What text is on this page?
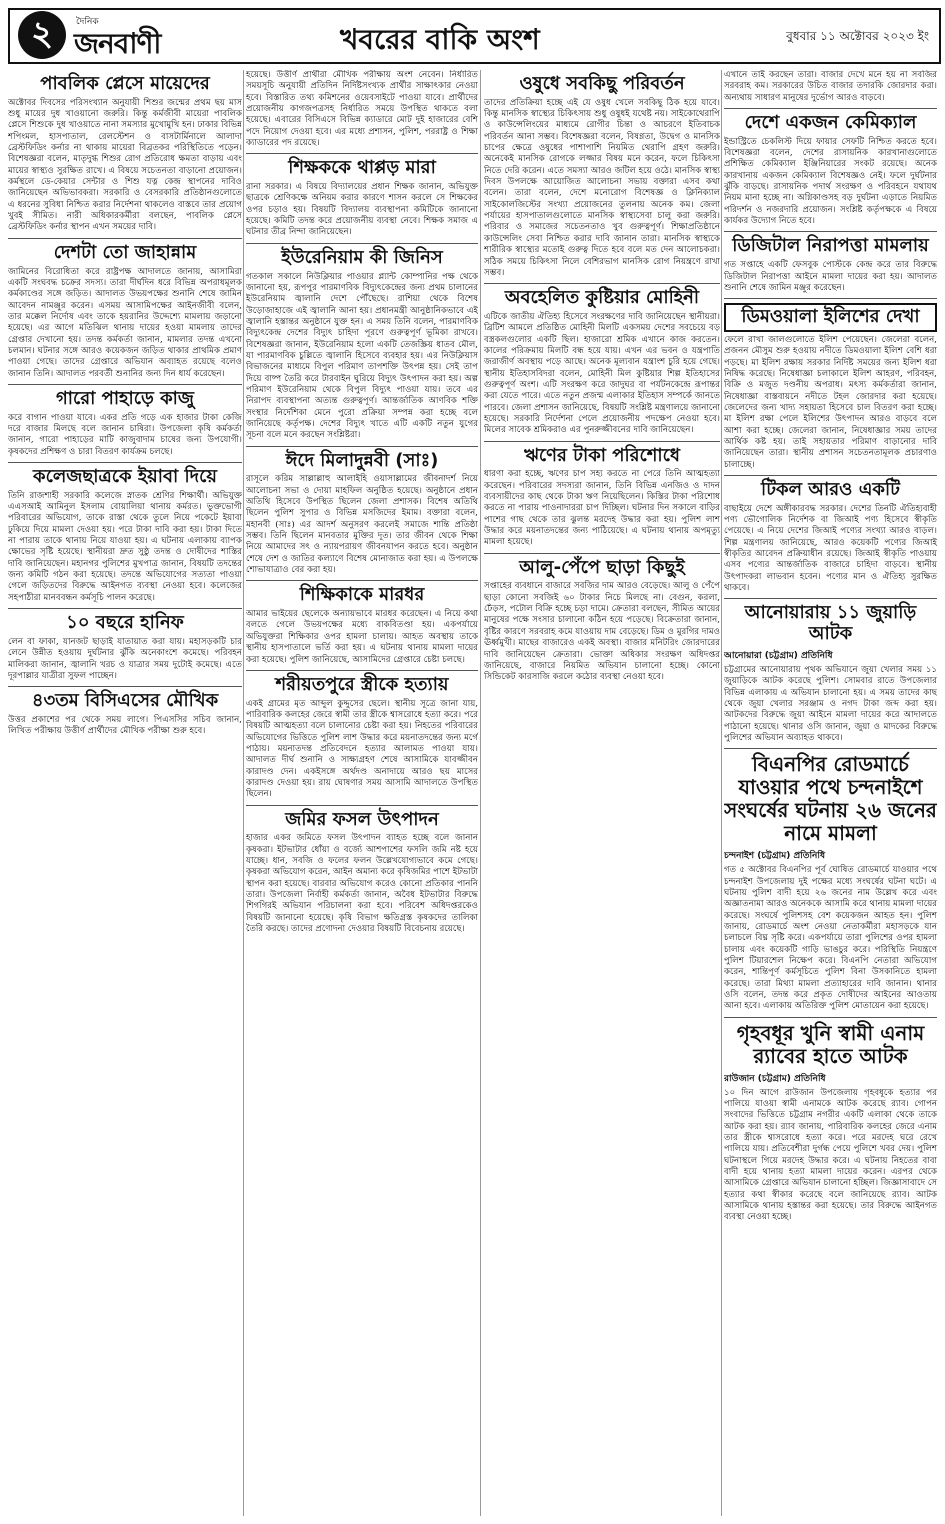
২	দৈনিক
জনবাণী	খবরের বাকি অংশ	বুধবার ১১ অক্টোবর ২০২৩ ইং
পাবলিক প্লেসে মায়েদের

অক্টোবর দিবসের পরিসংখ্যান অনুযায়ী শিশুর জন্মের প্রথম ছয় মাস শুধু মায়ের দুধ খাওয়ানো জরুরি। কিন্তু কর্মজীবী মায়েরা পাবলিক প্লেসে শিশুকে দুধ খাওয়াতে নানা সমস্যার মুখোমুখি হন। ঢাকার বিভিন্ন শপিংমল, হাসপাতাল, রেলস্টেশন ও বাসটার্মিনালে আলাদা ব্রেস্টফিডিং কর্নার না থাকায় মায়েরা বিব্রতকর পরিস্থিতিতে পড়েন। বিশেষজ্ঞরা বলেন, মাতৃদুগ্ধ শিশুর রোগ প্রতিরোধ ক্ষমতা বাড়ায় এবং মায়ের স্বাস্থ্যও সুরক্ষিত রাখে। এ বিষয়ে সচেতনতা বাড়ানো প্রয়োজন। কর্মস্থলে ডে-কেয়ার সেন্টার ও শিশু যত্ন কেন্দ্র স্থাপনের দাবিও জানিয়েছেন অভিভাবকরা। সরকারি ও বেসরকারি প্রতিষ্ঠানগুলোতে এ ধরনের সুবিধা নিশ্চিত করার নির্দেশনা থাকলেও বাস্তবে তার প্রয়োগ খুবই সীমিত। নারী অধিকারকর্মীরা বলছেন, পাবলিক প্লেসে ব্রেস্টফিডিং কর্নার স্থাপন এখন সময়ের দাবি।

দেশটা তো জাহান্নাম

জামিনের বিরোধিতা করে রাষ্ট্রপক্ষ আদালতে জানায়, আসামিরা একটি সংঘবদ্ধ চক্রের সদস্য। তারা দীর্ঘদিন ধরে বিভিন্ন অপরাধমূলক কর্মকাণ্ডের সঙ্গে জড়িত। আদালত উভয়পক্ষের শুনানি শেষে জামিন আবেদন নামঞ্জুর করেন। এসময় আসামিপক্ষের আইনজীবী বলেন, তার মক্কেল নির্দোষ এবং তাকে হয়রানির উদ্দেশ্যে মামলায় জড়ানো হয়েছে। এর আগে মতিঝিল থানায় দায়ের হওয়া মামলায় তাদের গ্রেপ্তার দেখানো হয়। তদন্ত কর্মকর্তা জানান, মামলার তদন্ত এখনো চলমান। ঘটনার সঙ্গে আরও কয়েকজন জড়িত থাকার প্রাথমিক প্রমাণ পাওয়া গেছে। তাদের গ্রেপ্তারে অভিযান অব্যাহত রয়েছে বলেও জানান তিনি। আদালত পরবর্তী শুনানির জন্য দিন ধার্য করেছেন।

গারো পাহাড়ে কাজু

করে বাগান পাওয়া যাবে। একর প্রতি গড়ে এক হাজার টাকা কেজি দরে বাজার মিলছে বলে জানান চাষিরা। উপজেলা কৃষি কর্মকর্তা জানান, গারো পাহাড়ের মাটি কাজুবাদাম চাষের জন্য উপযোগী। কৃষকদের প্রশিক্ষণ ও চারা বিতরণ কার্যক্রম চলছে।

কলেজছাত্রকে ইয়াবা দিয়ে

তিনি রাজশাহী সরকারি কলেজে স্নাতক শ্রেণির শিক্ষার্থী। অভিযুক্ত এএসআই আমিনুল ইসলাম বোয়ালিয়া থানায় কর্মরত। ভুক্তভোগী পরিবারের অভিযোগ, তাকে রাস্তা থেকে তুলে নিয়ে পকেটে ইয়াবা ঢুকিয়ে দিয়ে মামলা দেওয়া হয়। পরে টাকা দাবি করা হয়। টাকা দিতে না পারায় তাকে থানায় নিয়ে যাওয়া হয়। এ ঘটনায় এলাকায় ব্যাপক ক্ষোভের সৃষ্টি হয়েছে। স্থানীয়রা দ্রুত সুষ্ঠু তদন্ত ও দোষীদের শাস্তির দাবি জানিয়েছেন। মহানগর পুলিশের মুখপাত্র জানান, বিষয়টি তদন্তের জন্য কমিটি গঠন করা হয়েছে। তদন্তে অভিযোগের সত্যতা পাওয়া গেলে জড়িতদের বিরুদ্ধে আইনগত ব্যবস্থা নেওয়া হবে। কলেজের সহপাঠীরা মানববন্ধন কর্মসূচি পালন করেছে।

১০ বছরে হানিফ

লেন বা ফাকা, যানজট ছাড়াই যাতায়াত করা যায়। মহাসড়কটি চার লেনে উন্নীত হওয়ায় দুর্ঘটনার ঝুঁকি অনেকাংশে কমেছে। পরিবহন মালিকরা জানান, জ্বালানি খরচ ও যাত্রার সময় দুটোই কমেছে। এতে দূরপাল্লার যাত্রীরা সুফল পাচ্ছেন।

৪৩তম বিসিএসের মৌখিক

উত্তর প্রকাশের পর থেকে সময় লাগে। পিএসসির সচিব জানান, লিখিত পরীক্ষায় উত্তীর্ণ প্রার্থীদের মৌখিক পরীক্ষা শুরু হবে।

হয়েছে। উত্তীর্ণ প্রার্থীরা মৌখিক পরীক্ষায় অংশ নেবেন। নির্ধারিত সময়সূচি অনুযায়ী প্রতিদিন নির্দিষ্টসংখ্যক প্রার্থীর সাক্ষাৎকার নেওয়া হবে। বিস্তারিত তথ্য কমিশনের ওয়েবসাইটে পাওয়া যাবে। প্রার্থীদের প্রয়োজনীয় কাগজপত্রসহ নির্ধারিত সময়ে উপস্থিত থাকতে বলা হয়েছে। এবারের বিসিএসে বিভিন্ন ক্যাডারে মোট দুই হাজারের বেশি পদে নিয়োগ দেওয়া হবে। এর মধ্যে প্রশাসন, পুলিশ, পররাষ্ট্র ও শিক্ষা ক্যাডারের পদ রয়েছে।

শিক্ষককে থাপ্পড় মারা

রানা সরকার। এ বিষয়ে বিদ্যালয়ের প্রধান শিক্ষক জানান, অভিযুক্ত ছাত্রকে শ্রেণিকক্ষে অনিয়ম করার কারণে শাসন করলে সে শিক্ষকের ওপর চড়াও হয়। বিষয়টি বিদ্যালয় ব্যবস্থাপনা কমিটিকে জানানো হয়েছে। কমিটি তদন্ত করে প্রয়োজনীয় ব্যবস্থা নেবে। শিক্ষক সমাজ এ ঘটনার তীব্র নিন্দা জানিয়েছেন।

ইউরেনিয়াম কী জিনিস

গতকাল সকালে নিউক্লিয়ার পাওয়ার প্ল্যান্ট কোম্পানির পক্ষ থেকে জানানো হয়, রূপপুর পারমাণবিক বিদ্যুৎকেন্দ্রের জন্য প্রথম চালানের ইউরেনিয়াম জ্বালানি দেশে পৌঁছেছে। রাশিয়া থেকে বিশেষ উড়োজাহাজে এই জ্বালানি আনা হয়। প্রধানমন্ত্রী আনুষ্ঠানিকভাবে এই জ্বালানি হস্তান্তর অনুষ্ঠানে যুক্ত হন। এ সময় তিনি বলেন, পারমাণবিক বিদ্যুৎকেন্দ্র দেশের বিদ্যুৎ চাহিদা পূরণে গুরুত্বপূর্ণ ভূমিকা রাখবে। বিশেষজ্ঞরা জানান, ইউরেনিয়াম হলো একটি তেজস্ক্রিয় ধাতব মৌল, যা পারমাণবিক চুল্লিতে জ্বালানি হিসেবে ব্যবহার হয়। এর নিউক্লিয়াস বিভাজনের মাধ্যমে বিপুল পরিমাণ তাপশক্তি উৎপন্ন হয়। সেই তাপ দিয়ে বাষ্প তৈরি করে টারবাইন ঘুরিয়ে বিদ্যুৎ উৎপাদন করা হয়। অল্প পরিমাণ ইউরেনিয়াম থেকে বিপুল বিদ্যুৎ পাওয়া যায়। তবে এর নিরাপদ ব্যবস্থাপনা অত্যন্ত গুরুত্বপূর্ণ। আন্তর্জাতিক আণবিক শক্তি সংস্থার নির্দেশিকা মেনে পুরো প্রক্রিয়া সম্পন্ন করা হচ্ছে বলে জানিয়েছে কর্তৃপক্ষ। দেশের বিদ্যুৎ খাতে এটি একটি নতুন যুগের সূচনা বলে মনে করছেন সংশ্লিষ্টরা।

ঈদে মিলাদুন্নবী (সাঃ)

রাসূলে করিম সাল্লাল্লাহু আলাইহি ওয়াসাল্লামের জীবনাদর্শ নিয়ে আলোচনা সভা ও দোয়া মাহফিল অনুষ্ঠিত হয়েছে। অনুষ্ঠানে প্রধান অতিথি হিসেবে উপস্থিত ছিলেন জেলা প্রশাসক। বিশেষ অতিথি ছিলেন পুলিশ সুপার ও বিভিন্ন মসজিদের ইমাম। বক্তারা বলেন, মহানবী (সাঃ) এর আদর্শ অনুসরণ করলেই সমাজে শান্তি প্রতিষ্ঠা সম্ভব। তিনি ছিলেন মানবতার মুক্তির দূত। তার জীবন থেকে শিক্ষা নিয়ে আমাদের সৎ ও ন্যায়পরায়ণ জীবনযাপন করতে হবে। অনুষ্ঠান শেষে দেশ ও জাতির কল্যাণে বিশেষ মোনাজাত করা হয়। এ উপলক্ষে শোভাযাত্রাও বের করা হয়।

শিক্ষিকাকে মারধর

আমার ভাইয়ের ছেলেকে অন্যায়ভাবে মারধর করেছেন। এ নিয়ে কথা বলতে গেলে উভয়পক্ষের মধ্যে বাকবিতণ্ডা হয়। একপর্যায়ে অভিযুক্তরা শিক্ষিকার ওপর হামলা চালায়। আহত অবস্থায় তাকে স্থানীয় হাসপাতালে ভর্তি করা হয়। এ ঘটনায় থানায় মামলা দায়ের করা হয়েছে। পুলিশ জানিয়েছে, আসামিদের গ্রেপ্তারে চেষ্টা চলছে।

শরীয়তপুরে স্ত্রীকে হত্যায়

একই গ্রামের মৃত আব্দুল কুদ্দুসের ছেলে। স্থানীয় সূত্রে জানা যায়, পারিবারিক কলহের জেরে স্বামী তার স্ত্রীকে শ্বাসরোধে হত্যা করে। পরে বিষয়টি আত্মহত্যা বলে চালানোর চেষ্টা করা হয়। নিহতের পরিবারের অভিযোগের ভিত্তিতে পুলিশ লাশ উদ্ধার করে ময়নাতদন্তের জন্য মর্গে পাঠায়। ময়নাতদন্ত প্রতিবেদনে হত্যার আলামত পাওয়া যায়। আদালত দীর্ঘ শুনানি ও সাক্ষ্যগ্রহণ শেষে আসামিকে যাবজ্জীবন কারাদণ্ড দেন। একইসঙ্গে অর্থদণ্ড অনাদায়ে আরও ছয় মাসের কারাদণ্ড দেওয়া হয়। রায় ঘোষণার সময় আসামি আদালতে উপস্থিত ছিলেন।

জমির ফসল উৎপাদন

হাজার একর জমিতে ফসল উৎপাদন ব্যাহত হচ্ছে বলে জানান কৃষকরা। ইটভাটার ধোঁয়া ও বর্জ্যে আশপাশের ফসলি জমি নষ্ট হয়ে যাচ্ছে। ধান, সবজি ও ফলের ফলন উল্লেখযোগ্যভাবে কমে গেছে। কৃষকরা অভিযোগ করেন, আইন অমান্য করে কৃষিজমির পাশে ইটভাটা স্থাপন করা হয়েছে। বারবার অভিযোগ করেও কোনো প্রতিকার পাননি তারা। উপজেলা নির্বাহী কর্মকর্তা জানান, অবৈধ ইটভাটার বিরুদ্ধে শিগগিরই অভিযান পরিচালনা করা হবে। পরিবেশ অধিদপ্তরকেও বিষয়টি জানানো হয়েছে। কৃষি বিভাগ ক্ষতিগ্রস্ত কৃষকদের তালিকা তৈরি করছে। তাদের প্রণোদনা দেওয়ার বিষয়টি বিবেচনায় রয়েছে।

ওষুধে সবকিছু পরিবর্তন

তাদের প্রতিক্রিয়া হচ্ছে এই যে ওষুধ খেলে সবকিছু ঠিক হয়ে যাবে। কিন্তু মানসিক স্বাস্থ্যের চিকিৎসায় শুধু ওষুধই যথেষ্ট নয়। সাইকোথেরাপি ও কাউন্সেলিংয়ের মাধ্যমে রোগীর চিন্তা ও আচরণে ইতিবাচক পরিবর্তন আনা সম্ভব। বিশেষজ্ঞরা বলেন, বিষণ্ণতা, উদ্বেগ ও মানসিক চাপের ক্ষেত্রে ওষুধের পাশাপাশি নিয়মিত থেরাপি গ্রহণ জরুরি। অনেকেই মানসিক রোগকে লজ্জার বিষয় মনে করেন, ফলে চিকিৎসা নিতে দেরি করেন। এতে সমস্যা আরও জটিল হয়ে ওঠে। মানসিক স্বাস্থ্য দিবস উপলক্ষে আয়োজিত আলোচনা সভায় বক্তারা এসব কথা বলেন। তারা বলেন, দেশে মনোরোগ বিশেষজ্ঞ ও ক্লিনিক্যাল সাইকোলজিস্টের সংখ্যা প্রয়োজনের তুলনায় অনেক কম। জেলা পর্যায়ের হাসপাতালগুলোতে মানসিক স্বাস্থ্যসেবা চালু করা জরুরি। পরিবার ও সমাজের সচেতনতাও খুব গুরুত্বপূর্ণ। শিক্ষাপ্রতিষ্ঠানে কাউন্সেলিং সেবা নিশ্চিত করার দাবি জানান তারা। মানসিক স্বাস্থ্যকে শারীরিক স্বাস্থ্যের মতোই গুরুত্ব দিতে হবে বলে মত দেন আলোচকরা। সঠিক সময়ে চিকিৎসা নিলে বেশিরভাগ মানসিক রোগ নিয়ন্ত্রণে রাখা সম্ভব।

অবহেলিত কুষ্টিয়ার মোহিনী

এটিকে জাতীয় ঐতিহ্য হিসেবে সংরক্ষণের দাবি জানিয়েছেন স্থানীয়রা। ব্রিটিশ আমলে প্রতিষ্ঠিত মোহিনী মিলটি একসময় দেশের সবচেয়ে বড় বস্ত্রকলগুলোর একটি ছিল। হাজারো শ্রমিক এখানে কাজ করতেন। কালের পরিক্রমায় মিলটি বন্ধ হয়ে যায়। এখন এর ভবন ও যন্ত্রপাতি জরাজীর্ণ অবস্থায় পড়ে আছে। অনেক মূল্যবান যন্ত্রাংশ চুরি হয়ে গেছে। স্থানীয় ইতিহাসবিদরা বলেন, মোহিনী মিল কুষ্টিয়ার শিল্প ইতিহাসের গুরুত্বপূর্ণ অংশ। এটি সংরক্ষণ করে জাদুঘর বা পর্যটনকেন্দ্রে রূপান্তর করা যেতে পারে। এতে নতুন প্রজন্ম এলাকার ইতিহাস সম্পর্কে জানতে পারবে। জেলা প্রশাসন জানিয়েছে, বিষয়টি সংশ্লিষ্ট মন্ত্রণালয়ে জানানো হয়েছে। সরকারি নির্দেশনা পেলে প্রয়োজনীয় পদক্ষেপ নেওয়া হবে। মিলের সাবেক শ্রমিকরাও এর পুনরুজ্জীবনের দাবি জানিয়েছেন।

ঋণের টাকা পরিশোধে

ধারণা করা হচ্ছে, ঋণের চাপ সহ্য করতে না পেরে তিনি আত্মহত্যা করেছেন। পরিবারের সদস্যরা জানান, তিনি বিভিন্ন এনজিও ও দাদন ব্যবসায়ীদের কাছ থেকে টাকা ঋণ নিয়েছিলেন। কিস্তির টাকা পরিশোধ করতে না পারায় পাওনাদাররা চাপ দিচ্ছিল। ঘটনার দিন সকালে বাড়ির পাশের গাছ থেকে তার ঝুলন্ত মরদেহ উদ্ধার করা হয়। পুলিশ লাশ উদ্ধার করে ময়নাতদন্তের জন্য পাঠিয়েছে। এ ঘটনায় থানায় অপমৃত্যু মামলা হয়েছে।

আলু-পেঁপে ছাড়া কিছুই

সপ্তাহের ব্যবধানে বাজারে সবজির দাম আরও বেড়েছে। আলু ও পেঁপে ছাড়া কোনো সবজিই ৬০ টাকার নিচে মিলছে না। বেগুন, করলা, ঢেঁড়স, পটোল বিক্রি হচ্ছে চড়া দামে। ক্রেতারা বলছেন, সীমিত আয়ের মানুষের পক্ষে সংসার চালানো কঠিন হয়ে পড়েছে। বিক্রেতারা জানান, বৃষ্টির কারণে সরবরাহ কমে যাওয়ায় দাম বেড়েছে। ডিম ও মুরগির দামও ঊর্ধ্বমুখী। মাছের বাজারেও একই অবস্থা। বাজার মনিটরিং জোরদারের দাবি জানিয়েছেন ক্রেতারা। ভোক্তা অধিকার সংরক্ষণ অধিদপ্তর জানিয়েছে, বাজারে নিয়মিত অভিযান চালানো হচ্ছে। কোনো সিন্ডিকেট কারসাজি করলে কঠোর ব্যবস্থা নেওয়া হবে।

এখানে তাই করছেন তারা। বাজার দেখে মনে হয় না সবজির সরবরাহ কম। সরকারের উচিত বাজার তদারকি জোরদার করা। অন্যথায় সাধারণ মানুষের দুর্ভোগ আরও বাড়বে।

দেশে একজন কেমিক্যাল

ইন্ডাস্ট্রিতে চেকলিস্ট দিয়ে ফায়ার সেফটি নিশ্চিত করতে হবে। বিশেষজ্ঞরা বলেন, দেশের রাসায়নিক কারখানাগুলোতে প্রশিক্ষিত কেমিক্যাল ইঞ্জিনিয়ারের সংকট রয়েছে। অনেক কারখানায় একজন কেমিক্যাল বিশেষজ্ঞও নেই। ফলে দুর্ঘটনার ঝুঁকি বাড়ছে। রাসায়নিক পদার্থ সংরক্ষণ ও পরিবহনে যথাযথ নিয়ম মানা হচ্ছে না। অগ্নিকাণ্ডসহ বড় দুর্ঘটনা এড়াতে নিয়মিত পরিদর্শন ও নজরদারি প্রয়োজন। সংশ্লিষ্ট কর্তৃপক্ষকে এ বিষয়ে কার্যকর উদ্যোগ নিতে হবে।

ডিজিটাল নিরাপত্তা মামলায়

গত সপ্তাহে একটি ফেসবুক পোস্টকে কেন্দ্র করে তার বিরুদ্ধে ডিজিটাল নিরাপত্তা আইনে মামলা দায়ের করা হয়। আদালত শুনানি শেষে জামিন মঞ্জুর করেছেন।

ডিমওয়ালা ইলিশের দেখা

ফেলে রাখা জালগুলোতে ইলিশ পেয়েছেন। জেলেরা বলেন, প্রজনন মৌসুম শুরু হওয়ায় নদীতে ডিমওয়ালা ইলিশ বেশি ধরা পড়ছে। মা ইলিশ রক্ষায় সরকার নির্দিষ্ট সময়ের জন্য ইলিশ ধরা নিষিদ্ধ করেছে। নিষেধাজ্ঞা চলাকালে ইলিশ আহরণ, পরিবহন, বিক্রি ও মজুত দণ্ডনীয় অপরাধ। মৎস্য কর্মকর্তারা জানান, নিষেধাজ্ঞা বাস্তবায়নে নদীতে টহল জোরদার করা হয়েছে। জেলেদের জন্য খাদ্য সহায়তা হিসেবে চাল বিতরণ করা হচ্ছে। মা ইলিশ রক্ষা পেলে ইলিশের উৎপাদন আরও বাড়বে বলে আশা করা হচ্ছে। জেলেরা জানান, নিষেধাজ্ঞার সময় তাদের আর্থিক কষ্ট হয়। তাই সহায়তার পরিমাণ বাড়ানোর দাবি জানিয়েছেন তারা। স্থানীয় প্রশাসন সচেতনতামূলক প্রচারণাও চালাচ্ছে।

টিকল আরও একটি

বাছাইয়ে দেশে অঙ্গীকারবদ্ধ সরকার। দেশের তিনটি ঐতিহ্যবাহী পণ্য ভৌগোলিক নির্দেশক বা জিআই পণ্য হিসেবে স্বীকৃতি পেয়েছে। এ নিয়ে দেশের জিআই পণ্যের সংখ্যা আরও বাড়ল। শিল্প মন্ত্রণালয় জানিয়েছে, আরও কয়েকটি পণ্যের জিআই স্বীকৃতির আবেদন প্রক্রিয়াধীন রয়েছে। জিআই স্বীকৃতি পাওয়ায় এসব পণ্যের আন্তর্জাতিক বাজারে চাহিদা বাড়বে। স্থানীয় উৎপাদকরা লাভবান হবেন। পণ্যের মান ও ঐতিহ্য সুরক্ষিত থাকবে।

আনোয়ারায় ১১ জুয়াড়ি আটক
আনোয়ারা (চট্টগ্রাম) প্রতিনিধি

চট্টগ্রামের আনোয়ারায় পৃথক অভিযানে জুয়া খেলার সময় ১১ জুয়াড়িকে আটক করেছে পুলিশ। সোমবার রাতে উপজেলার বিভিন্ন এলাকায় এ অভিযান চালানো হয়। এ সময় তাদের কাছ থেকে জুয়া খেলার সরঞ্জাম ও নগদ টাকা জব্দ করা হয়। আটকদের বিরুদ্ধে জুয়া আইনে মামলা দায়ের করে আদালতে পাঠানো হয়েছে। থানার ওসি জানান, জুয়া ও মাদকের বিরুদ্ধে পুলিশের অভিযান অব্যাহত থাকবে।

বিএনপির রোডমার্চে যাওয়ার পথে চন্দনাইশে সংঘর্ষের ঘটনায় ২৬ জনের নামে মামলা
চন্দনাইশ (চট্টগ্রাম) প্রতিনিধি

গত ৫ অক্টোবর বিএনপির পূর্ব ঘোষিত রোডমার্চে যাওয়ার পথে চন্দনাইশ উপজেলায় দুই পক্ষের মধ্যে সংঘর্ষের ঘটনা ঘটে। এ ঘটনায় পুলিশ বাদী হয়ে ২৬ জনের নাম উল্লেখ করে এবং অজ্ঞাতনামা আরও অনেককে আসামি করে থানায় মামলা দায়ের করেছে। সংঘর্ষে পুলিশসহ বেশ কয়েকজন আহত হন। পুলিশ জানায়, রোডমার্চে অংশ নেওয়া নেতাকর্মীরা মহাসড়কে যান চলাচলে বিঘ্ন সৃষ্টি করে। একপর্যায়ে তারা পুলিশের ওপর হামলা চালায় এবং কয়েকটি গাড়ি ভাঙচুর করে। পরিস্থিতি নিয়ন্ত্রণে পুলিশ টিয়ারশেল নিক্ষেপ করে। বিএনপি নেতারা অভিযোগ করেন, শান্তিপূর্ণ কর্মসূচিতে পুলিশ বিনা উসকানিতে হামলা করেছে। তারা মিথ্যা মামলা প্রত্যাহারের দাবি জানান। থানার ওসি বলেন, তদন্ত করে প্রকৃত দোষীদের আইনের আওতায় আনা হবে। এলাকায় অতিরিক্ত পুলিশ মোতায়েন করা হয়েছে।

গৃহবধূর খুনি স্বামী এনাম র‌্যাবের হাতে আটক
রাউজান (চট্টগ্রাম) প্রতিনিধি

১০ দিন আগে রাউজান উপজেলায় গৃহবধূকে হত্যার পর পালিয়ে যাওয়া স্বামী এনামকে আটক করেছে র‌্যাব। গোপন সংবাদের ভিত্তিতে চট্টগ্রাম নগরীর একটি এলাকা থেকে তাকে আটক করা হয়। র‌্যাব জানায়, পারিবারিক কলহের জেরে এনাম তার স্ত্রীকে শ্বাসরোধে হত্যা করে। পরে মরদেহ ঘরে রেখে পালিয়ে যায়। প্রতিবেশীরা দুর্গন্ধ পেয়ে পুলিশে খবর দেয়। পুলিশ ঘটনাস্থলে গিয়ে মরদেহ উদ্ধার করে। এ ঘটনায় নিহতের বাবা বাদী হয়ে থানায় হত্যা মামলা দায়ের করেন। এরপর থেকে আসামিকে গ্রেপ্তারে অভিযান চালানো হচ্ছিল। জিজ্ঞাসাবাদে সে হত্যার কথা স্বীকার করেছে বলে জানিয়েছে র‌্যাব। আটক আসামিকে থানায় হস্তান্তর করা হয়েছে। তার বিরুদ্ধে আইনগত ব্যবস্থা নেওয়া হচ্ছে।
